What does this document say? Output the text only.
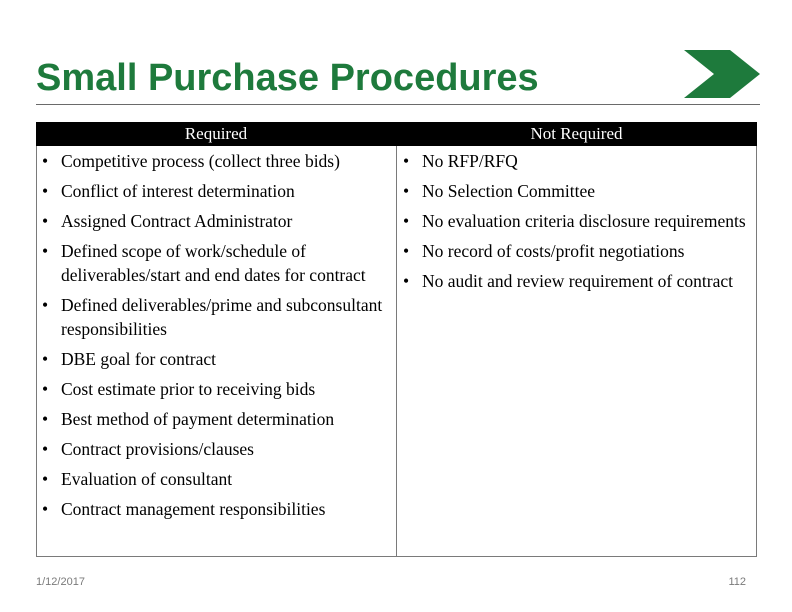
Small Purchase Procedures
Required	Not Required
• Competitive process (collect three bids)
• Conflict of interest determination
• Assigned Contract Administrator
• Defined scope of work/schedule of deliverables/start and end dates for contract
• Defined deliverables/prime and subconsultant responsibilities
• DBE goal for contract
• Cost estimate prior to receiving bids
• Best method of payment determination
• Contract provisions/clauses
• Evaluation of consultant
• Contract management responsibilities
• No RFP/RFQ
• No Selection Committee
• No evaluation criteria disclosure requirements
• No record of costs/profit negotiations
• No audit and review requirement of contract
1/12/2017	112
